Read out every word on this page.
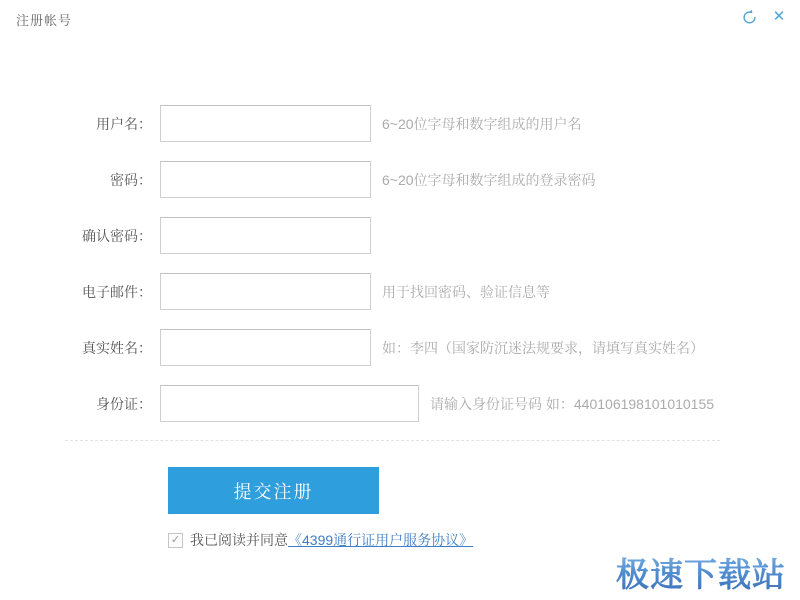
注册帐号	✕
用户名：	6~20位字母和数字组成的用户名
密码：	6~20位字母和数字组成的登录密码
确认密码：
电子邮件：	用于找回密码、验证信息等
真实姓名：	如：李四（国家防沉迷法规要求，请填写真实姓名）
身份证：	请输入身份证号码 如：440106198101010155
提交注册
✓ 我已阅读并同意 《4399通行证用户服务协议》
极速下载站
